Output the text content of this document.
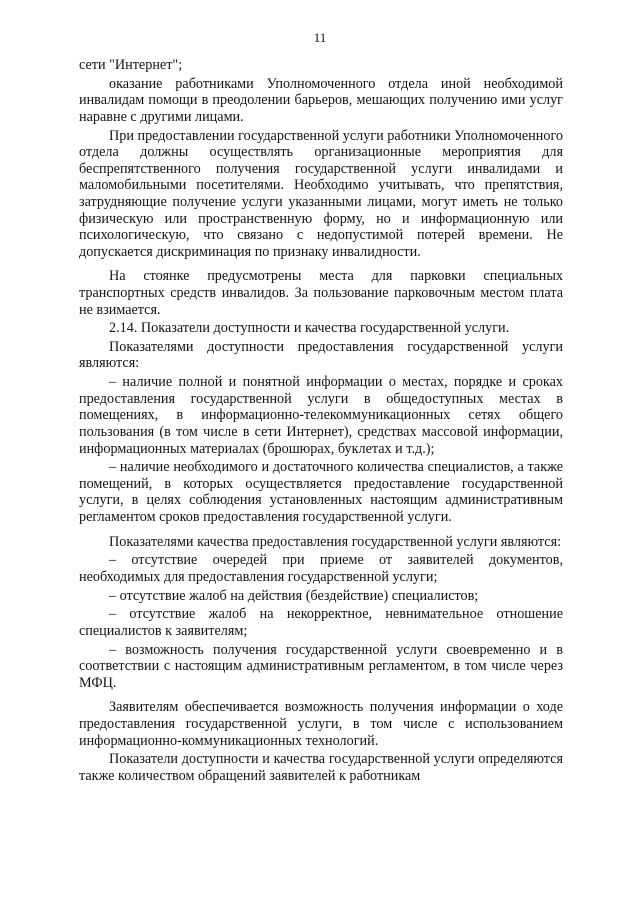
11

сети "Интернет";

оказание работниками Уполномоченного отдела иной необходимой инвалидам помощи в преодолении барьеров, мешающих получению ими услуг наравне с другими лицами.

При предоставлении государственной услуги работники Уполномоченного отдела должны осуществлять организационные мероприятия для беспрепятственного получения государственной услуги инвалидами и маломобильными посетителями. Необходимо учитывать, что препятствия, затрудняющие получение услуги указанными лицами, могут иметь не только физическую или пространственную форму, но и информационную или психологическую, что связано с недопустимой потерей времени. Не допускается дискриминация по признаку инвалидности.

На стоянке предусмотрены места для парковки специальных транспортных средств инвалидов. За пользование парковочным местом плата не взимается.

2.14. Показатели доступности и качества государственной услуги.

Показателями доступности предоставления государственной услуги являются:

– наличие полной и понятной информации о местах, порядке и сроках предоставления государственной услуги в общедоступных местах в помещениях, в информационно-телекоммуникационных сетях общего пользования (в том числе в сети Интернет), средствах массовой информации, информационных материалах (брошюрах, буклетах и т.д.);

– наличие необходимого и достаточного количества специалистов, а также помещений, в которых осуществляется предоставление государственной услуги, в целях соблюдения установленных настоящим административным регламентом сроков предоставления государственной услуги.

Показателями качества предоставления государственной услуги являются:

– отсутствие очередей при приеме от заявителей документов, необходимых для предоставления государственной услуги;

– отсутствие жалоб на действия (бездействие) специалистов;

– отсутствие жалоб на некорректное, невнимательное отношение специалистов к заявителям;

– возможность получения государственной услуги своевременно и в соответствии с настоящим административным регламентом, в том числе через МФЦ.

Заявителям обеспечивается возможность получения информации о ходе предоставления государственной услуги, в том числе с использованием информационно-коммуникационных технологий.

Показатели доступности и качества государственной услуги определяются также количеством обращений заявителей к работникам
